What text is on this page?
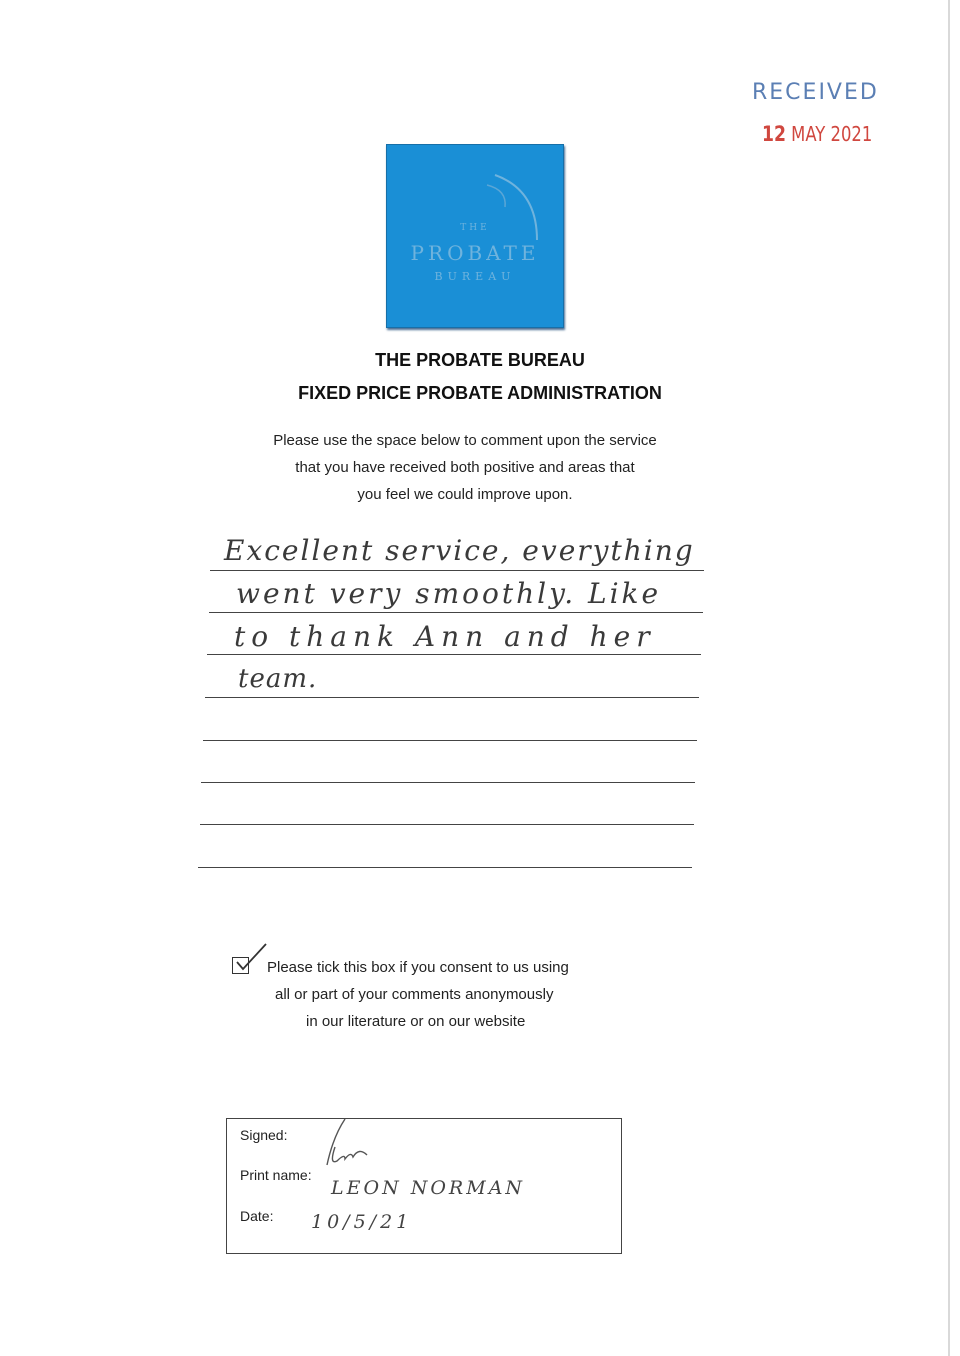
RECEIVED
12 MAY 2021
THE
PROBATE
BUREAU
THE PROBATE BUREAU
FIXED PRICE PROBATE ADMINISTRATION
Please use the space below to comment upon the service
that you have received both positive and areas that
you feel we could improve upon.
Excellent service, everything
went very smoothly. Like
to thank Ann and her
team.
Please tick this box if you consent to us using
all or part of your comments anonymously
in our literature or on our website
Signed:
Print name:
LEON NORMAN
Date: 10/5/21
